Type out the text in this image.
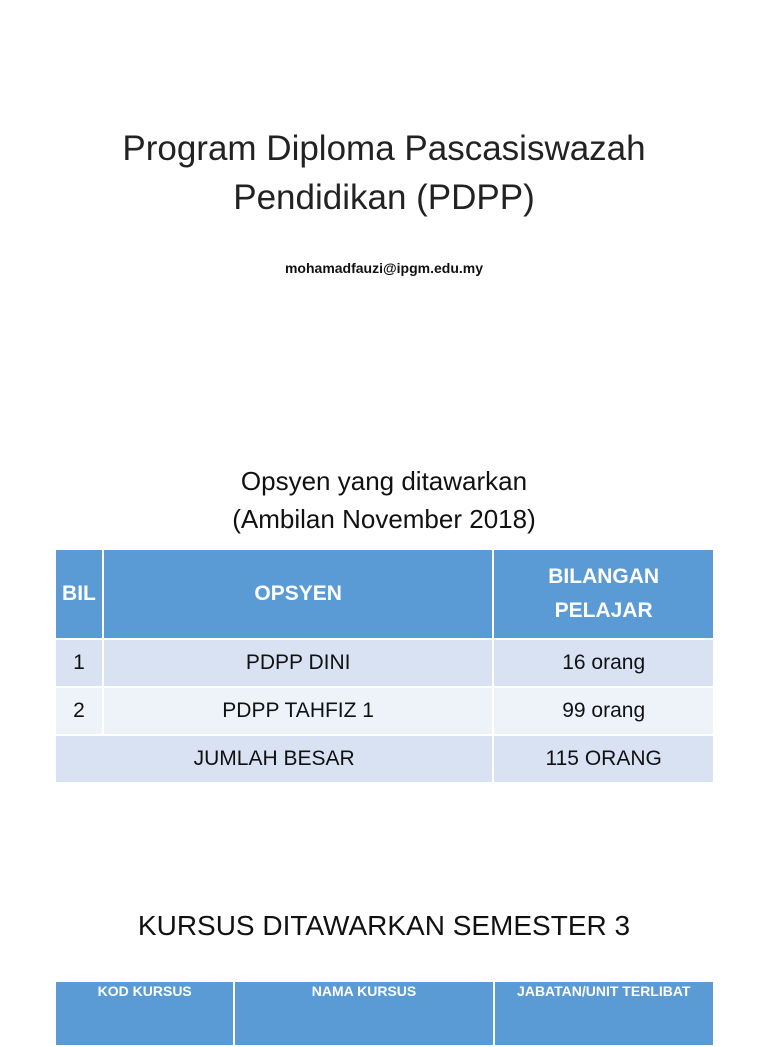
Program Diploma Pascasiswazah
Pendidikan (PDPP)
mohamadfauzi@ipgm.edu.my
Opsyen yang ditawarkan
(Ambilan November 2018)
BIL	OPSYEN	BILANGAN PELAJAR

1	PDPP DINI	16 orang
2	PDPP TAHFIZ 1	99 orang
JUMLAH BESAR		115 ORANG
KURSUS DITAWARKAN SEMESTER 3
KOD KURSUS	NAMA KURSUS	JABATAN/UNIT TERLIBAT
